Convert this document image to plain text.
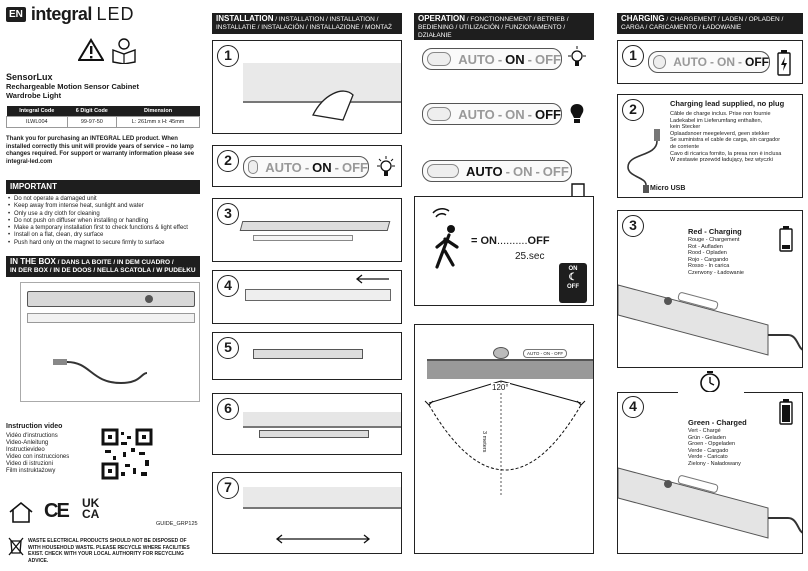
EN integral LED
SensorLux
Rechargeable Motion Sensor Cabinet
Wardrobe Light
Integral Code	6 Digit Code	Dimension
ILWL004	99-97-50	L: 261mm x H: 45mm
Thank you for purchasing an INTEGRAL LED product. When installed correctly this unit will provide years of service – no lamp changes required. For support or warranty information please see integral-led.com
IMPORTANT
• Do not operate a damaged unit
• Keep away from intense heat, sunlight and water
• Only use a dry cloth for cleaning
• Do not push on diffuser when installing or handling
• Make a temporary installation first to check functions & light effect
• Install on a flat, clean, dry surface
• Push hard only on the magnet to secure firmly to surface
IN THE BOX / DANS LA BOITE / IN DEM CUADRO /
IN DER BOX / IN DE DOOS / NELLA SCATOLA / W PUDEŁKU
Instruction video
Vidéo d'instructions
Video-Anleitung
Instructievideo
Video con instrucciones
Video di istruzioni
Film instruktażowy
CE UK
CA
GUIDE_GRP125
WASTE ELECTRICAL PRODUCTS SHOULD NOT BE DISPOSED OF WITH HOUSEHOLD WASTE. PLEASE RECYCLE WHERE FACILITIES EXIST. CHECK WITH YOUR LOCAL AUTHORITY FOR RECYCLING ADVICE.
INSTALLATION / INSTALLATION / INSTALLATION /
INSTALLATIE / INSTALACIÓN / INSTALLAZIONE / MONTAŻ
1
2	AUTO - ON - OFF
3
4
5
6
7
OPERATION / FONCTIONNEMENT / BETRIEB /
BEDIENING / UTILIZACIÓN / FUNZIONAMENTO / DZIAŁANIE
AUTO - ON - OFF
AUTO - ON - OFF
AUTO - ON - OFF
= ON..........OFF
25.sec
ON
☾
OFF
AUTO - ON - OFF
120°
3 meters
CHARGING / CHARGEMENT / LADEN / OPLADEN /
CARGA / CARICAMENTO / ŁADOWANIE
1	AUTO - ON - OFF
2	Charging lead supplied, no plug
Câble de charge inclus. Prise non fournie
Ladekabel im Lieferumfang enthalten,
kein Stecker
Oplaadsnoer meegeleverd, geen stekker
Se suministra el cable de carga, sin cargador
de corriente
Cavo di ricarica fornito, la presa non è inclusa
W zestawie przewód ładujący, bez wtyczki
Micro USB
3	Red - Charging
Rouge - Chargement
Rot - Aufladen
Rood - Opladen
Rojo - Cargando
Rosso - In carica
Czerwony - Ładowanie
4
Green - Charged
Vert - Chargé
Grün - Geladen
Groen - Opgeladen
Verde - Cargado
Verde - Caricato
Zielony - Naładowany
